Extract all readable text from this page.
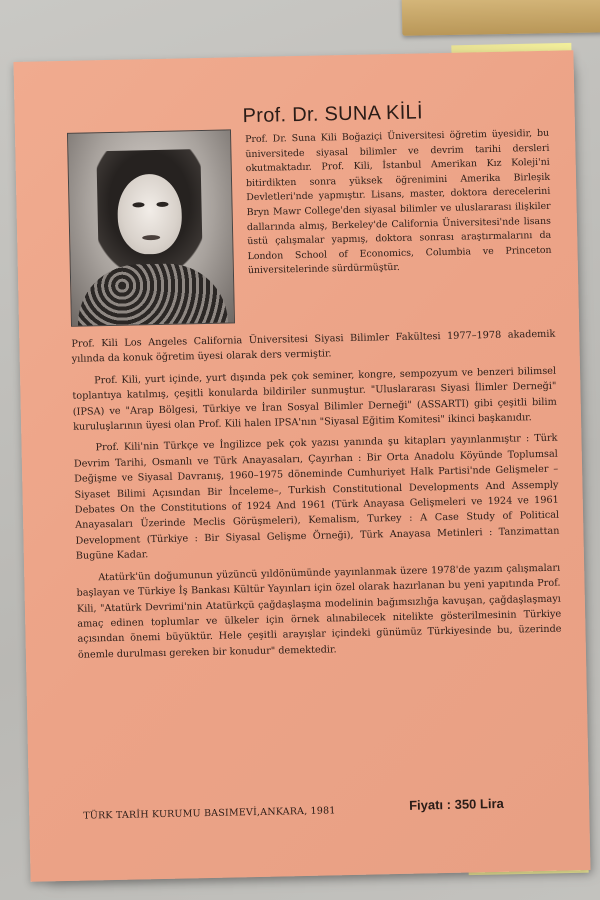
Prof. Dr. SUNA KİLİ
Prof. Dr. Suna Kili Boğaziçi Üniversitesi öğretim üyesidir, bu üniversitede siyasal bilimler ve devrim tarihi dersleri okutmaktadır. Prof. Kili, İstanbul Amerikan Kız Koleji'ni bitirdikten sonra yüksek öğrenimini Amerika Birleşik Devletleri'nde yapmıştır. Lisans, master, doktora derecelerini Bryn Mawr College'den siyasal bilimler ve uluslararası ilişkiler dallarında almış, Berkeley'de California Üniversitesi'nde lisans üstü çalışmalar yapmış, doktora sonrası araştırmalarını da London School of Economics, Columbia ve Princeton üniversitelerinde sürdürmüştür.

Prof. Kili Los Angeles California Üniversitesi Siyasi Bilimler Fakültesi 1977–1978 akademik yılında da konuk öğretim üyesi olarak ders vermiştir.

Prof. Kili, yurt içinde, yurt dışında pek çok seminer, kongre, sempozyum ve benzeri bilimsel toplantıya katılmış, çeşitli konularda bildiriler sunmuştur. "Uluslararası Siyasi İlimler Derneği" (IPSA) ve "Arap Bölgesi, Türkiye ve İran Sosyal Bilimler Derneği" (ASSARTI) gibi çeşitli bilim kuruluşlarının üyesi olan Prof. Kili halen IPSA'nın "Siyasal Eğitim Komitesi" ikinci başkanıdır.

Prof. Kili'nin Türkçe ve İngilizce pek çok yazısı yanında şu kitapları yayınlanmıştır : Türk Devrim Tarihi, Osmanlı ve Türk Anayasaları, Çayırhan : Bir Orta Anadolu Köyünde Toplumsal Değişme ve Siyasal Davranış, 1960–1975 döneminde Cumhuriyet Halk Partisi'nde Gelişmeler –Siyaset Bilimi Açısından Bir İnceleme–, Turkish Constitutional Developments And Assemply Debates On the Constitutions of 1924 And 1961 (Türk Anayasa Gelişmeleri ve 1924 ve 1961 Anayasaları Üzerinde Meclis Görüşmeleri), Kemalism, Turkey : A Case Study of Political Development (Türkiye : Bir Siyasal Gelişme Örneği), Türk Anayasa Metinleri : Tanzimattan Bugüne Kadar.

Atatürk'ün doğumunun yüzüncü yıldönümünde yayınlanmak üzere 1978'de yazım çalışmaları başlayan ve Türkiye İş Bankası Kültür Yayınları için özel olarak hazırlanan bu yeni yapıtında Prof. Kili, "Atatürk Devrimi'nin Atatürkçü çağdaşlaşma modelinin bağımsızlığa kavuşan, çağdaşlaşmayı amaç edinen toplumlar ve ülkeler için örnek alınabilecek nitelikte gösterilmesinin Türkiye açısından önemi büyüktür. Hele çeşitli arayışlar içindeki günümüz Türkiyesinde bu, üzerinde önemle durulması gereken bir konudur" demektedir.

TÜRK TARİH KURUMU BASIMEVİ,ANKARA, 1981
Fiyatı : 350 Lira
